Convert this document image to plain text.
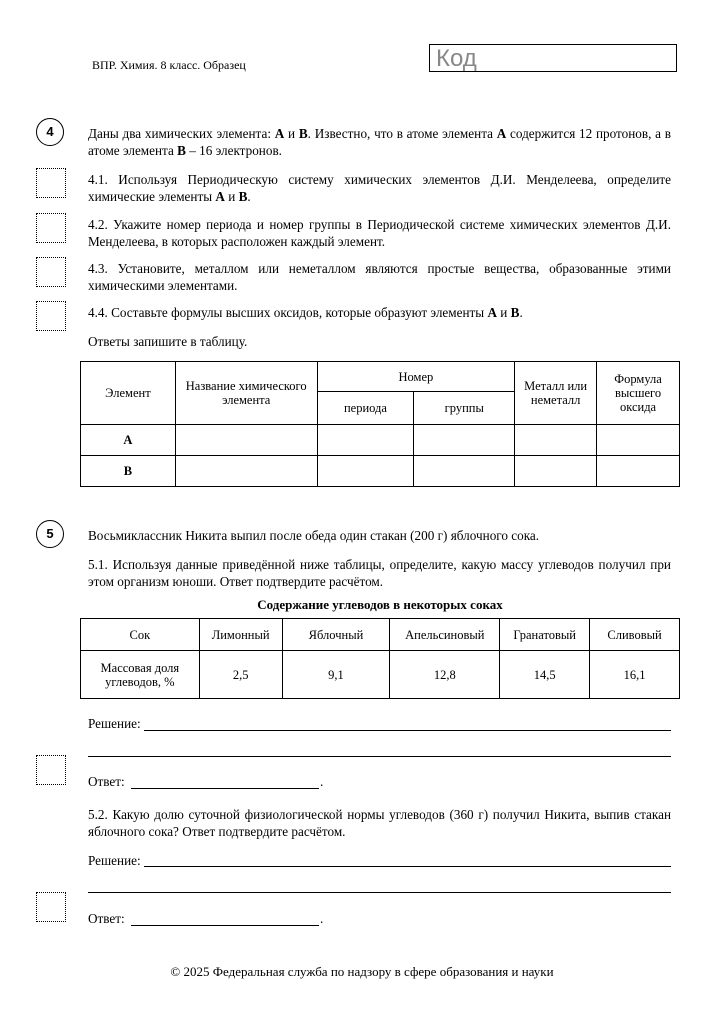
ВПР. Химия. 8 класс. Образец	Код
4	Даны два химических элемента: А и В. Известно, что в атоме элемента А содержится 12 протонов, а в атоме элемента В – 16 электронов.
4.1. Используя Периодическую систему химических элементов Д.И. Менделеева, определите химические элементы А и В.
4.2. Укажите номер периода и номер группы в Периодической системе химических элементов Д.И. Менделеева, в которых расположен каждый элемент.
4.3. Установите, металлом или неметаллом являются простые вещества, образованные этими химическими элементами.
4.4. Составьте формулы высших оксидов, которые образуют элементы А и В.
Ответы запишите в таблицу.
Элемент	Название химического элемента	Номер		Металл или неметалл	Формула высшего оксида
		периода	группы		
А					
В					
5	Восьмиклассник Никита выпил после обеда один стакан (200 г) яблочного сока.
5.1. Используя данные приведённой ниже таблицы, определите, какую массу углеводов получил при этом организм юноши. Ответ подтвердите расчётом.
Содержание углеводов в некоторых соках
Сок	Лимонный	Яблочный	Апельсиновый	Гранатовый	Сливовый
Массовая доля углеводов, %	2,5	9,1	12,8	14,5	16,1
Решение:
Ответ:	.
5.2. Какую долю суточной физиологической нормы углеводов (360 г) получил Никита, выпив стакан яблочного сока? Ответ подтвердите расчётом.
Решение:
Ответ:	.
© 2025 Федеральная служба по надзору в сфере образования и науки
